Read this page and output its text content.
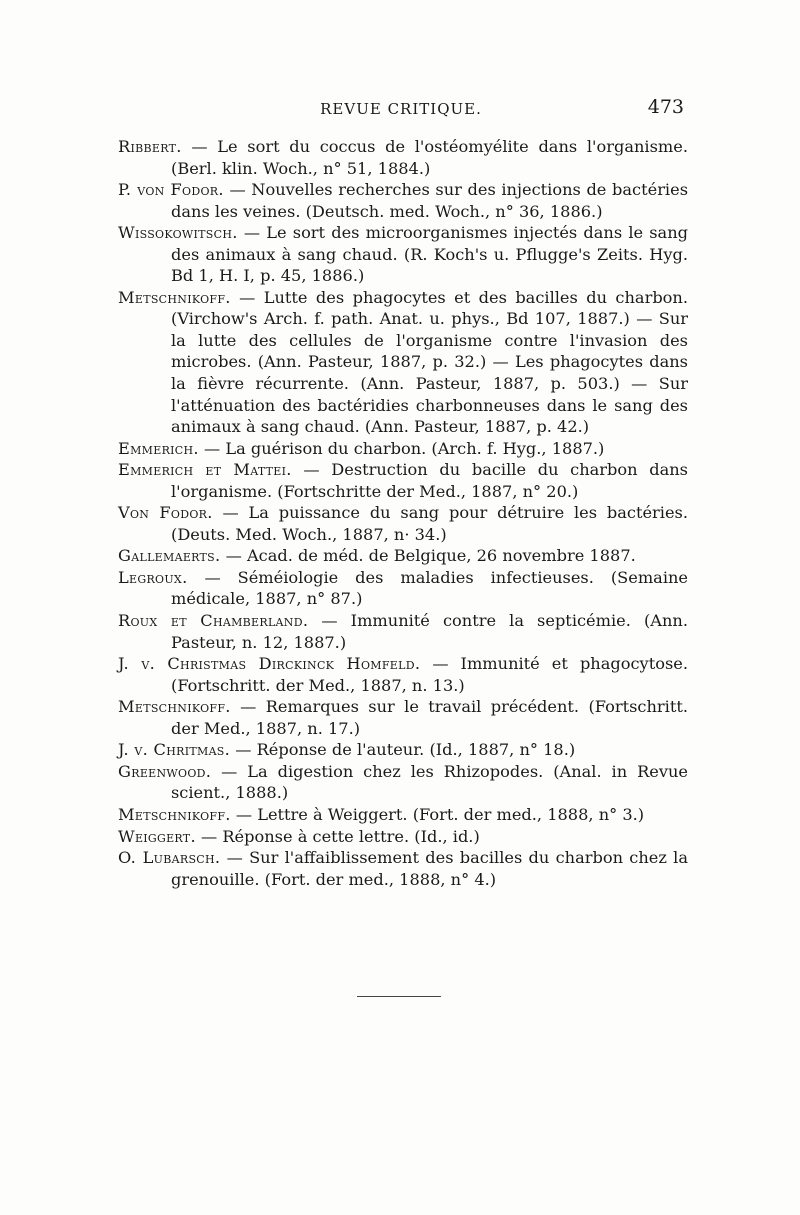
REVUE CRITIQUE.	473
Ribbert. — Le sort du coccus de l'ostéomyélite dans l'organisme. (Berl. klin. Woch., n° 51, 1884.)
P. von Fodor. — Nouvelles recherches sur des injections de bactéries dans les veines. (Deutsch. med. Woch., n° 36, 1886.)
Wissokowitsch. — Le sort des microorganismes injectés dans le sang des animaux à sang chaud. (R. Koch's u. Pflugge's Zeits. Hyg. Bd 1, H. I, p. 45, 1886.)
Metschnikoff. — Lutte des phagocytes et des bacilles du charbon. (Virchow's Arch. f. path. Anat. u. phys., Bd 107, 1887.) — Sur la lutte des cellules de l'organisme contre l'invasion des microbes. (Ann. Pasteur, 1887, p. 32.) — Les phagocytes dans la fièvre récurrente. (Ann. Pasteur, 1887, p. 503.) — Sur l'atténuation des bactéridies charbonneuses dans le sang des animaux à sang chaud. (Ann. Pasteur, 1887, p. 42.)
Emmerich. — La guérison du charbon. (Arch. f. Hyg., 1887.)
Emmerich et Mattei. — Destruction du bacille du charbon dans l'organisme. (Fortschritte der Med., 1887, n° 20.)
Von Fodor. — La puissance du sang pour détruire les bactéries. (Deuts. Med. Woch., 1887, n· 34.)
Gallemaerts. — Acad. de méd. de Belgique, 26 novembre 1887.
Legroux. — Séméiologie des maladies infectieuses. (Semaine médicale, 1887, n° 87.)
Roux et Chamberland. — Immunité contre la septicémie. (Ann. Pasteur, n. 12, 1887.)
J. v. Christmas Dirckinck Homfeld. — Immunité et phagocytose. (Fortschritt. der Med., 1887, n. 13.)
Metschnikoff. — Remarques sur le travail précédent. (Fortschritt. der Med., 1887, n. 17.)
J. v. Chritmas. — Réponse de l'auteur. (Id., 1887, n° 18.)
Greenwood. — La digestion chez les Rhizopodes. (Anal. in Revue scient., 1888.)
Metschnikoff. — Lettre à Weiggert. (Fort. der med., 1888, n° 3.)
Weiggert. — Réponse à cette lettre. (Id., id.)
O. Lubarsch. — Sur l'affaiblissement des bacilles du charbon chez la grenouille. (Fort. der med., 1888, n° 4.)
